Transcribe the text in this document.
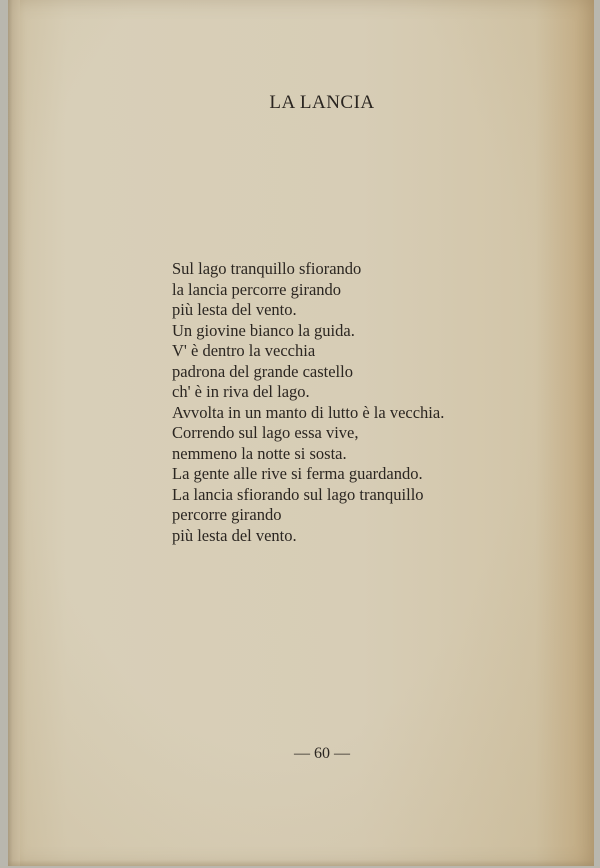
LA LANCIA
Sul lago tranquillo sfiorando
la lancia percorre girando
più lesta del vento.
Un giovine bianco la guida.
V' è dentro la vecchia
padrona del grande castello
ch' è in riva del lago.
Avvolta in un manto di lutto è la vecchia.
Correndo sul lago essa vive,
nemmeno la notte si sosta.
La gente alle rive si ferma guardando.
La lancia sfiorando sul lago tranquillo
percorre girando
più lesta del vento.
— 60 —
